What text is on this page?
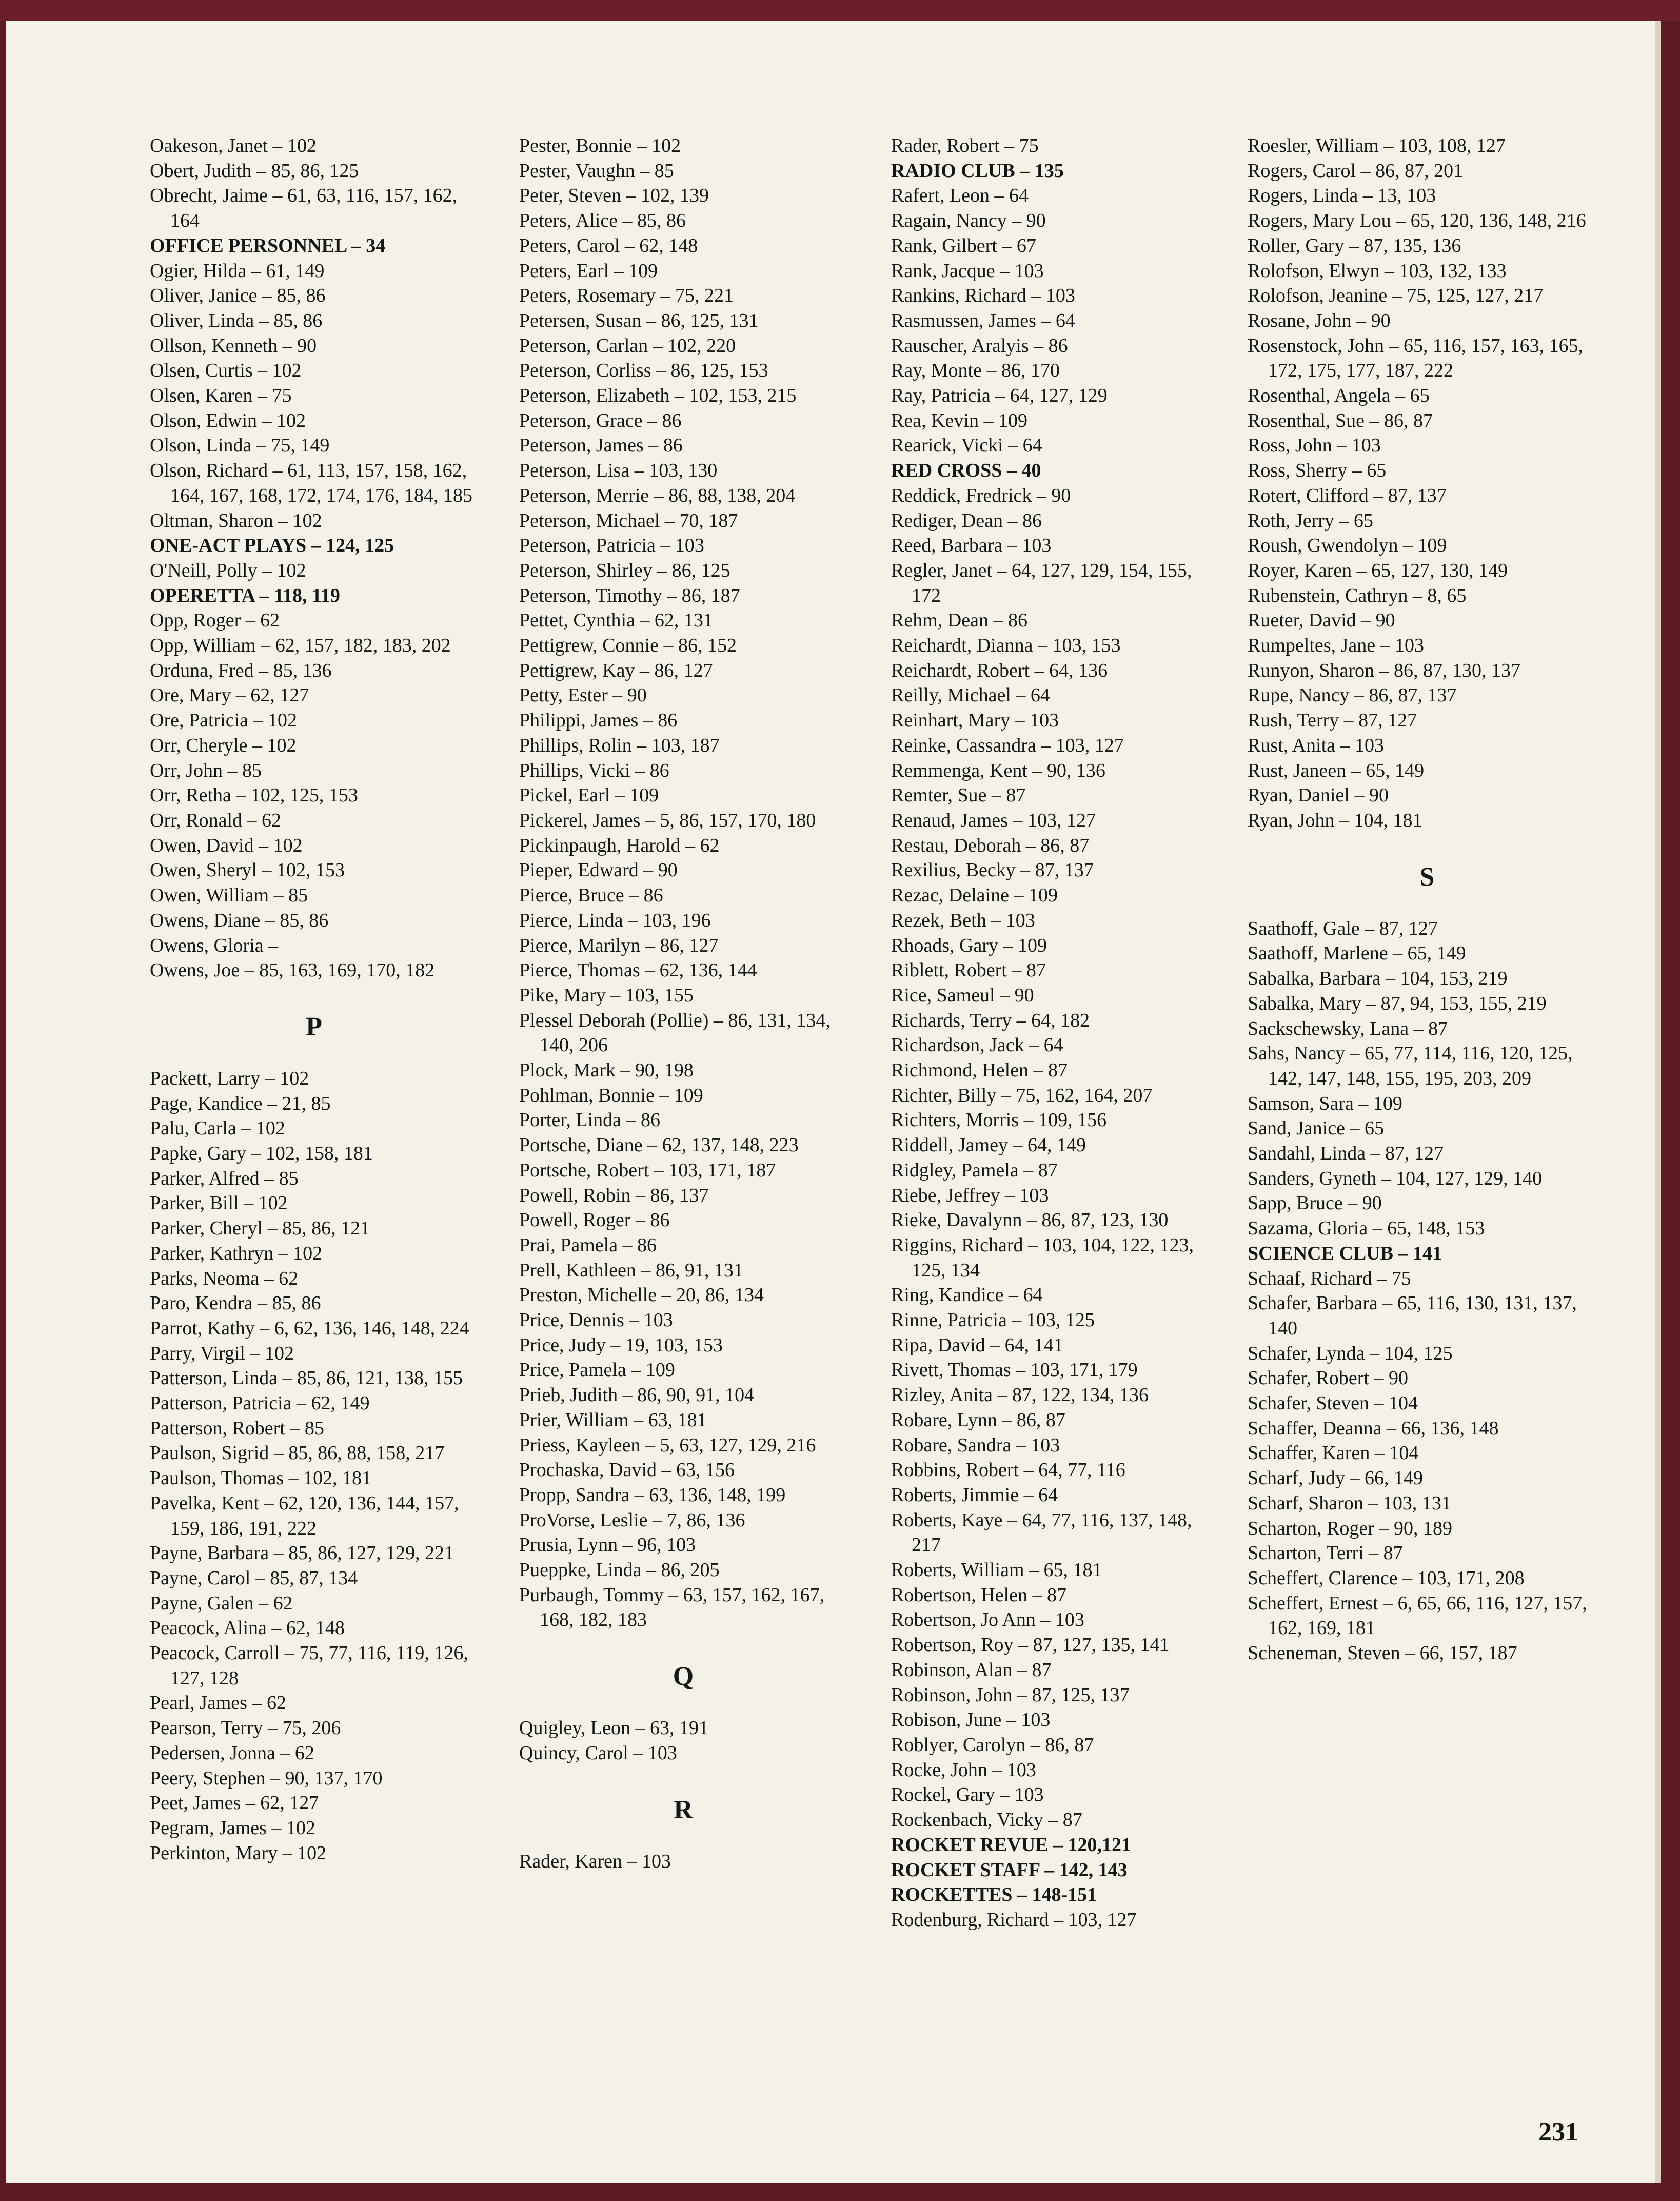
Oakeson, Janet – 102
Obert, Judith – 85, 86, 125
Obrecht, Jaime – 61, 63, 116, 157, 162, 164
OFFICE PERSONNEL – 34
Ogier, Hilda – 61, 149
Oliver, Janice – 85, 86
Oliver, Linda – 85, 86
Ollson, Kenneth – 90
Olsen, Curtis – 102
Olsen, Karen – 75
Olson, Edwin – 102
Olson, Linda – 75, 149
Olson, Richard – 61, 113, 157, 158, 162, 164, 167, 168, 172, 174, 176, 184, 185
Oltman, Sharon – 102
ONE-ACT PLAYS – 124, 125
O'Neill, Polly – 102
OPERETTA – 118, 119
Opp, Roger – 62
Opp, William – 62, 157, 182, 183, 202
Orduna, Fred – 85, 136
Ore, Mary – 62, 127
Ore, Patricia – 102
Orr, Cheryle – 102
Orr, John – 85
Orr, Retha – 102, 125, 153
Orr, Ronald – 62
Owen, David – 102
Owen, Sheryl – 102, 153
Owen, William – 85
Owens, Diane – 85, 86
Owens, Gloria –
Owens, Joe – 85, 163, 169, 170, 182
P
Packett, Larry – 102
Page, Kandice – 21, 85
Palu, Carla – 102
Papke, Gary – 102, 158, 181
Parker, Alfred – 85
Parker, Bill – 102
Parker, Cheryl – 85, 86, 121
Parker, Kathryn – 102
Parks, Neoma – 62
Paro, Kendra – 85, 86
Parrot, Kathy – 6, 62, 136, 146, 148, 224
Parry, Virgil – 102
Patterson, Linda – 85, 86, 121, 138, 155
Patterson, Patricia – 62, 149
Patterson, Robert – 85
Paulson, Sigrid – 85, 86, 88, 158, 217
Paulson, Thomas – 102, 181
Pavelka, Kent – 62, 120, 136, 144, 157, 159, 186, 191, 222
Payne, Barbara – 85, 86, 127, 129, 221
Payne, Carol – 85, 87, 134
Payne, Galen – 62
Peacock, Alina – 62, 148
Peacock, Carroll – 75, 77, 116, 119, 126, 127, 128
Pearl, James – 62
Pearson, Terry – 75, 206
Pedersen, Jonna – 62
Peery, Stephen – 90, 137, 170
Peet, James – 62, 127
Pegram, James – 102
Perkinton, Mary – 102
Pester, Bonnie – 102
Pester, Vaughn – 85
Peter, Steven – 102, 139
Peters, Alice – 85, 86
Peters, Carol – 62, 148
Peters, Earl – 109
Peters, Rosemary – 75, 221
Petersen, Susan – 86, 125, 131
Peterson, Carlan – 102, 220
Peterson, Corliss – 86, 125, 153
Peterson, Elizabeth – 102, 153, 215
Peterson, Grace – 86
Peterson, James – 86
Peterson, Lisa – 103, 130
Peterson, Merrie – 86, 88, 138, 204
Peterson, Michael – 70, 187
Peterson, Patricia – 103
Peterson, Shirley – 86, 125
Peterson, Timothy – 86, 187
Pettet, Cynthia – 62, 131
Pettigrew, Connie – 86, 152
Pettigrew, Kay – 86, 127
Petty, Ester – 90
Philippi, James – 86
Phillips, Rolin – 103, 187
Phillips, Vicki – 86
Pickel, Earl – 109
Pickerel, James – 5, 86, 157, 170, 180
Pickinpaugh, Harold – 62
Pieper, Edward – 90
Pierce, Bruce – 86
Pierce, Linda – 103, 196
Pierce, Marilyn – 86, 127
Pierce, Thomas – 62, 136, 144
Pike, Mary – 103, 155
Plessel Deborah (Pollie) – 86, 131, 134, 140, 206
Plock, Mark – 90, 198
Pohlman, Bonnie – 109
Porter, Linda – 86
Portsche, Diane – 62, 137, 148, 223
Portsche, Robert – 103, 171, 187
Powell, Robin – 86, 137
Powell, Roger – 86
Prai, Pamela – 86
Prell, Kathleen – 86, 91, 131
Preston, Michelle – 20, 86, 134
Price, Dennis – 103
Price, Judy – 19, 103, 153
Price, Pamela – 109
Prieb, Judith – 86, 90, 91, 104
Prier, William – 63, 181
Priess, Kayleen – 5, 63, 127, 129, 216
Prochaska, David – 63, 156
Propp, Sandra – 63, 136, 148, 199
ProVorse, Leslie – 7, 86, 136
Prusia, Lynn – 96, 103
Pueppke, Linda – 86, 205
Purbaugh, Tommy – 63, 157, 162, 167, 168, 182, 183
Q
Quigley, Leon – 63, 191
Quincy, Carol – 103
R
Rader, Karen – 103
Rader, Robert – 75
RADIO CLUB – 135
Rafert, Leon – 64
Ragain, Nancy – 90
Rank, Gilbert – 67
Rank, Jacque – 103
Rankins, Richard – 103
Rasmussen, James – 64
Rauscher, Aralyis – 86
Ray, Monte – 86, 170
Ray, Patricia – 64, 127, 129
Rea, Kevin – 109
Rearick, Vicki – 64
RED CROSS – 40
Reddick, Fredrick – 90
Rediger, Dean – 86
Reed, Barbara – 103
Regler, Janet – 64, 127, 129, 154, 155, 172
Rehm, Dean – 86
Reichardt, Dianna – 103, 153
Reichardt, Robert – 64, 136
Reilly, Michael – 64
Reinhart, Mary – 103
Reinke, Cassandra – 103, 127
Remmenga, Kent – 90, 136
Remter, Sue – 87
Renaud, James – 103, 127
Restau, Deborah – 86, 87
Rexilius, Becky – 87, 137
Rezac, Delaine – 109
Rezek, Beth – 103
Rhoads, Gary – 109
Riblett, Robert – 87
Rice, Sameul – 90
Richards, Terry – 64, 182
Richardson, Jack – 64
Richmond, Helen – 87
Richter, Billy – 75, 162, 164, 207
Richters, Morris – 109, 156
Riddell, Jamey – 64, 149
Ridgley, Pamela – 87
Riebe, Jeffrey – 103
Rieke, Davalynn – 86, 87, 123, 130
Riggins, Richard – 103, 104, 122, 123, 125, 134
Ring, Kandice – 64
Rinne, Patricia – 103, 125
Ripa, David – 64, 141
Rivett, Thomas – 103, 171, 179
Rizley, Anita – 87, 122, 134, 136
Robare, Lynn – 86, 87
Robare, Sandra – 103
Robbins, Robert – 64, 77, 116
Roberts, Jimmie – 64
Roberts, Kaye – 64, 77, 116, 137, 148, 217
Roberts, William – 65, 181
Robertson, Helen – 87
Robertson, Jo Ann – 103
Robertson, Roy – 87, 127, 135, 141
Robinson, Alan – 87
Robinson, John – 87, 125, 137
Robison, June – 103
Roblyer, Carolyn – 86, 87
Rocke, John – 103
Rockel, Gary – 103
Rockenbach, Vicky – 87
ROCKET REVUE – 120,121
ROCKET STAFF – 142, 143
ROCKETTES – 148-151
Rodenburg, Richard – 103, 127
Roesler, William – 103, 108, 127
Rogers, Carol – 86, 87, 201
Rogers, Linda – 13, 103
Rogers, Mary Lou – 65, 120, 136, 148, 216
Roller, Gary – 87, 135, 136
Rolofson, Elwyn – 103, 132, 133
Rolofson, Jeanine – 75, 125, 127, 217
Rosane, John – 90
Rosenstock, John – 65, 116, 157, 163, 165, 172, 175, 177, 187, 222
Rosenthal, Angela – 65
Rosenthal, Sue – 86, 87
Ross, John – 103
Ross, Sherry – 65
Rotert, Clifford – 87, 137
Roth, Jerry – 65
Roush, Gwendolyn – 109
Royer, Karen – 65, 127, 130, 149
Rubenstein, Cathryn – 8, 65
Rueter, David – 90
Rumpeltes, Jane – 103
Runyon, Sharon – 86, 87, 130, 137
Rupe, Nancy – 86, 87, 137
Rush, Terry – 87, 127
Rust, Anita – 103
Rust, Janeen – 65, 149
Ryan, Daniel – 90
Ryan, John – 104, 181
S
Saathoff, Gale – 87, 127
Saathoff, Marlene – 65, 149
Sabalka, Barbara – 104, 153, 219
Sabalka, Mary – 87, 94, 153, 155, 219
Sackschewsky, Lana – 87
Sahs, Nancy – 65, 77, 114, 116, 120, 125, 142, 147, 148, 155, 195, 203, 209
Samson, Sara – 109
Sand, Janice – 65
Sandahl, Linda – 87, 127
Sanders, Gyneth – 104, 127, 129, 140
Sapp, Bruce – 90
Sazama, Gloria – 65, 148, 153
SCIENCE CLUB – 141
Schaaf, Richard – 75
Schafer, Barbara – 65, 116, 130, 131, 137, 140
Schafer, Lynda – 104, 125
Schafer, Robert – 90
Schafer, Steven – 104
Schaffer, Deanna – 66, 136, 148
Schaffer, Karen – 104
Scharf, Judy – 66, 149
Scharf, Sharon – 103, 131
Scharton, Roger – 90, 189
Scharton, Terri – 87
Scheffert, Clarence – 103, 171, 208
Scheffert, Ernest – 6, 65, 66, 116, 127, 157, 162, 169, 181
Scheneman, Steven – 66, 157, 187
231
